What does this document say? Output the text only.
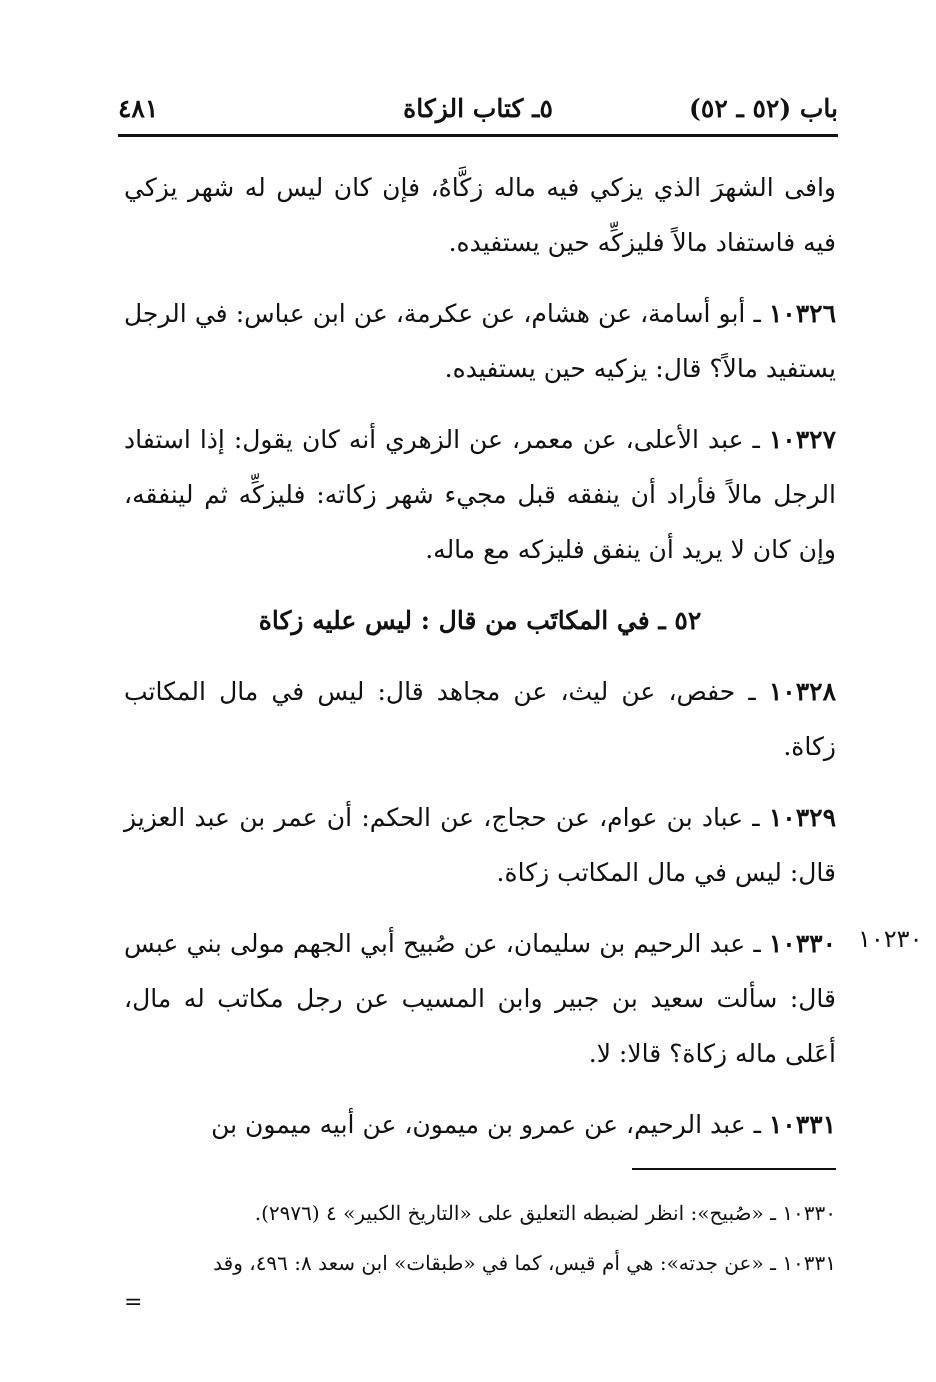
باب (٥٢ ـ ٥٢)
٥ـ كتاب الزكاة
٤٨١

وافى الشهرَ الذي يزكي فيه ماله زكَّاهُ، فإن كان ليس له شهر يزكي فيه فاستفاد مالاً فليزكِّه حين يستفيده.

١٠٣٢٦ ـ أبو أسامة، عن هشام، عن عكرمة، عن ابن عباس: في الرجل يستفيد مالاً؟ قال: يزكيه حين يستفيده.

١٠٣٢٧ ـ عبد الأعلى، عن معمر، عن الزهري أنه كان يقول: إذا استفاد الرجل مالاً فأراد أن ينفقه قبل مجيء شهر زكاته: فليزكِّه ثم لينفقه، وإن كان لا يريد أن ينفق فليزكه مع ماله.

٥٢ ـ في المكاتَب من قال : ليس عليه زكاة

١٠٣٢٨ ـ حفص، عن ليث، عن مجاهد قال: ليس في مال المكاتب زكاة.

١٠٣٢٩ ـ عباد بن عوام، عن حجاج، عن الحكم: أن عمر بن عبد العزيز قال: ليس في مال المكاتب زكاة.

١٠٣٣٠ ـ عبد الرحيم بن سليمان، عن صُبيح أبي الجهم مولى بني عبس قال: سألت سعيد بن جبير وابن المسيب عن رجل مكاتب له مال، أعَلى ماله زكاة؟ قالا: لا.

١٠٣٣١ ـ عبد الرحيم، عن عمرو بن ميمون، عن أبيه ميمون بن

١٠٢٣٠

١٠٣٣٠ ـ «صُبيح»: انظر لضبطه التعليق على «التاريخ الكبير» ٤ (٢٩٧٦).

١٠٣٣١ ـ «عن جدته»: هي أم قيس، كما في «طبقات» ابن سعد ٨: ٤٩٦، وقد

=
